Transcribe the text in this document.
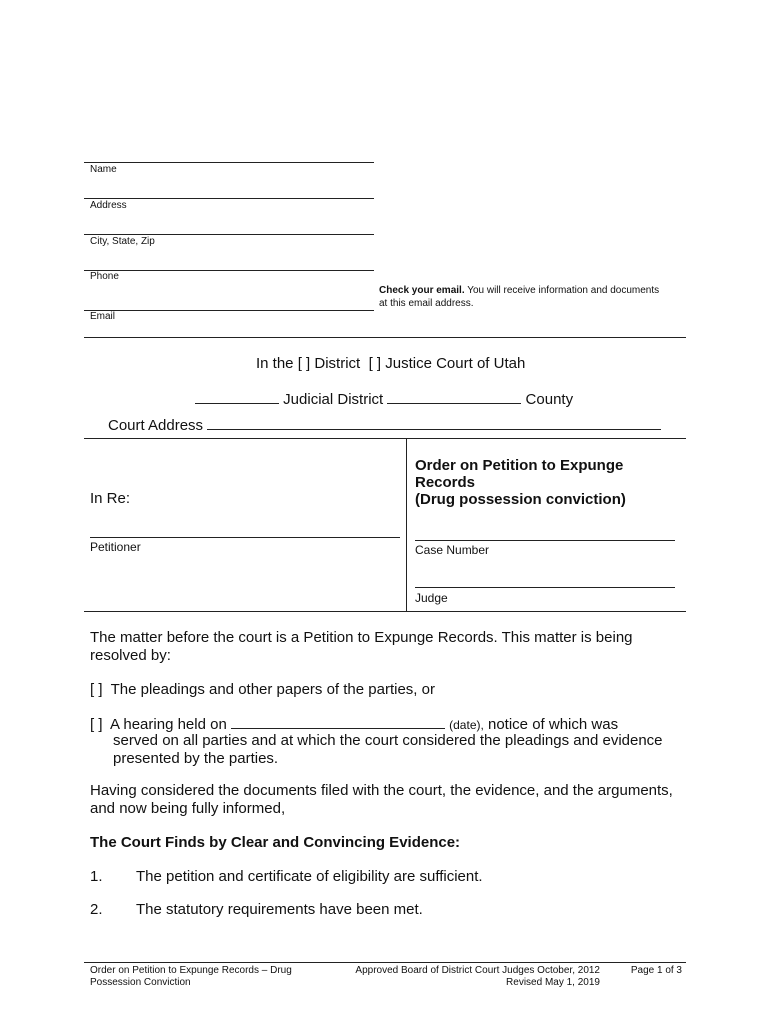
Name
Address
City, State, Zip
Phone
Email
Check your email. You will receive information and documents at this email address.
In the [ ] District [ ] Justice Court of Utah
Judicial District	County
Court Address
In Re:
Petitioner
Order on Petition to Expunge
Records
(Drug possession conviction)
Case Number
Judge
The matter before the court is a Petition to Expunge Records. This matter is being resolved by:
[ ] The pleadings and other papers of the parties, or
[ ] A hearing held on	(date), notice of which was
served on all parties and at which the court considered the pleadings and evidence presented by the parties.
Having considered the documents filed with the court, the evidence, and the arguments, and now being fully informed,
The Court Finds by Clear and Convincing Evidence:
1. The petition and certificate of eligibility are sufficient.
2. The statutory requirements have been met.
Order on Petition to Expunge Records – Drug
Possession Conviction
Approved Board of District Court Judges October, 2012
Revised May 1, 2019
Page 1 of 3
